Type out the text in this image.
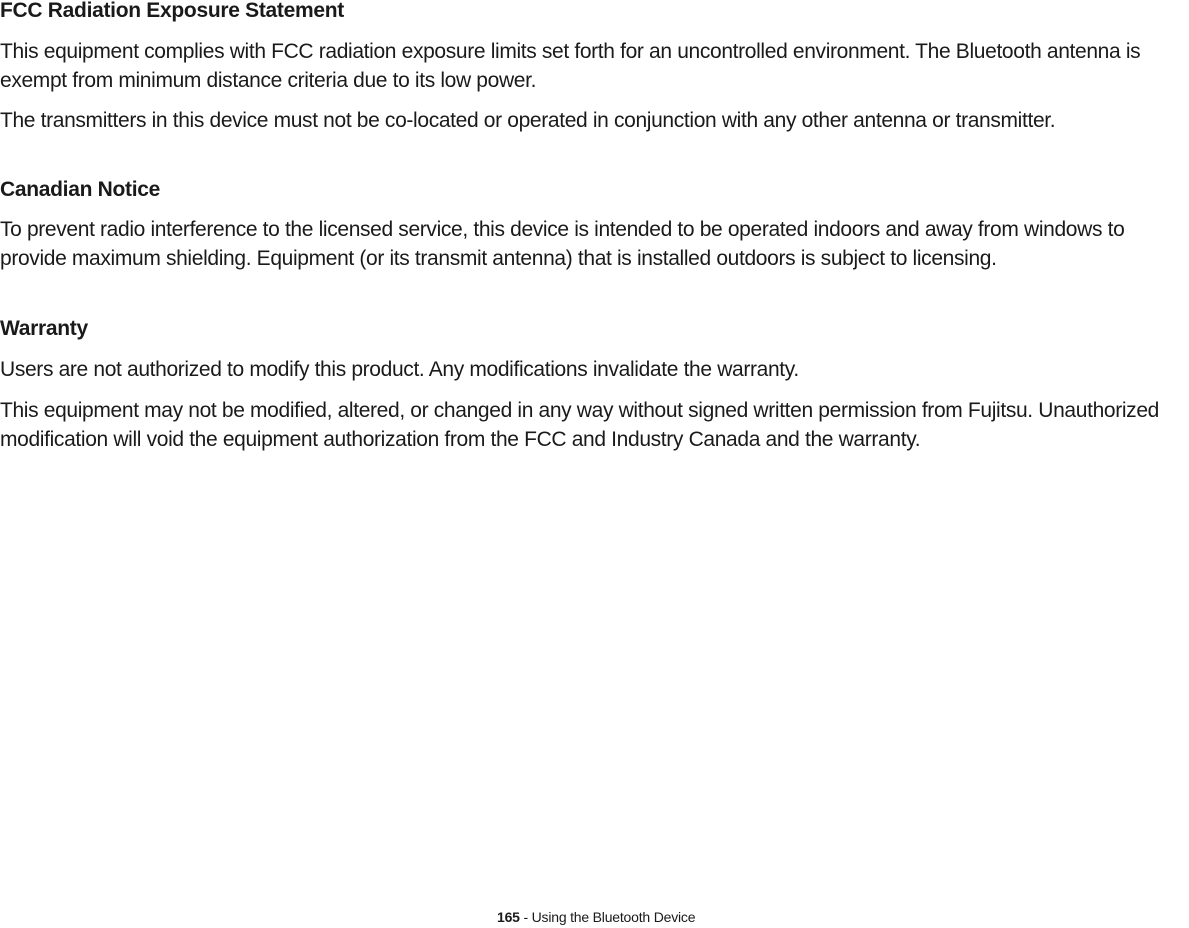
FCC Radiation Exposure Statement

This equipment complies with FCC radiation exposure limits set forth for an uncontrolled environment. The Bluetooth antenna is exempt from minimum distance criteria due to its low power.

The transmitters in this device must not be co-located or operated in conjunction with any other antenna or transmitter.

Canadian Notice

To prevent radio interference to the licensed service, this device is intended to be operated indoors and away from windows to provide maximum shielding. Equipment (or its transmit antenna) that is installed outdoors is subject to licensing.

Warranty

Users are not authorized to modify this product. Any modifications invalidate the warranty.

This equipment may not be modified, altered, or changed in any way without signed written permission from Fujitsu. Unauthorized modification will void the equipment authorization from the FCC and Industry Canada and the warranty.

165 - Using the Bluetooth Device
